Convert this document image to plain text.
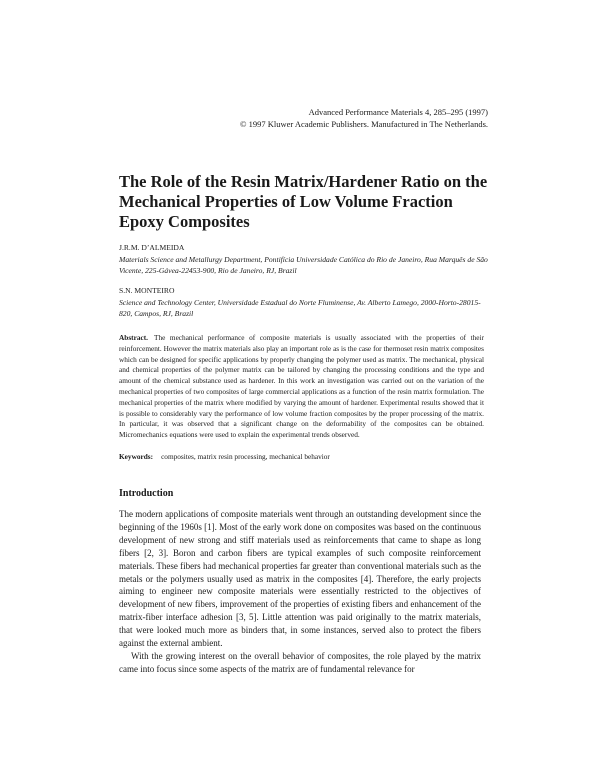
Advanced Performance Materials 4, 285–295 (1997)
© 1997 Kluwer Academic Publishers. Manufactured in The Netherlands.
The Role of the Resin Matrix/Hardener Ratio on the Mechanical Properties of Low Volume Fraction Epoxy Composites
J.R.M. D’ALMEIDA
Materials Science and Metallurgy Department, Pontifícia Universidade Católica do Rio de Janeiro, Rua Marquês de São Vicente, 225-Gávea-22453-900, Rio de Janeiro, RJ, Brazil
S.N. MONTEIRO
Science and Technology Center, Universidade Estadual do Norte Fluminense, Av. Alberto Lamego, 2000-Horto-28015-820, Campos, RJ, Brazil

Abstract. The mechanical performance of composite materials is usually associated with the properties of their reinforcement. However the matrix materials also play an important role as is the case for thermoset resin matrix composites which can be designed for specific applications by properly changing the polymer used as matrix. The mechanical, physical and chemical properties of the polymer matrix can be tailored by changing the processing conditions and the type and amount of the chemical substance used as hardener. In this work an investigation was carried out on the variation of the mechanical properties of two composites of large commercial applications as a function of the resin matrix formulation. The mechanical properties of the matrix where modified by varying the amount of hardener. Experimental results showed that it is possible to considerably vary the performance of low volume fraction composites by the proper processing of the matrix. In particular, it was observed that a significant change on the deformability of the composites can be obtained. Micromechanics equations were used to explain the experimental trends observed.

Keywords: composites, matrix resin processing, mechanical behavior
Introduction

The modern applications of composite materials went through an outstanding development since the beginning of the 1960s [1]. Most of the early work done on composites was based on the continuous development of new strong and stiff materials used as reinforcements that came to shape as long fibers [2, 3]. Boron and carbon fibers are typical examples of such composite reinforcement materials. These fibers had mechanical properties far greater than conventional materials such as the metals or the polymers usually used as matrix in the composites [4]. Therefore, the early projects aiming to engineer new composite materials were essentially restricted to the objectives of development of new fibers, improvement of the properties of existing fibers and enhancement of the matrix-fiber interface adhesion [3, 5]. Little attention was paid originally to the matrix materials, that were looked much more as binders that, in some instances, served also to protect the fibers against the external ambient.

With the growing interest on the overall behavior of composites, the role played by the matrix came into focus since some aspects of the matrix are of fundamental relevance for
